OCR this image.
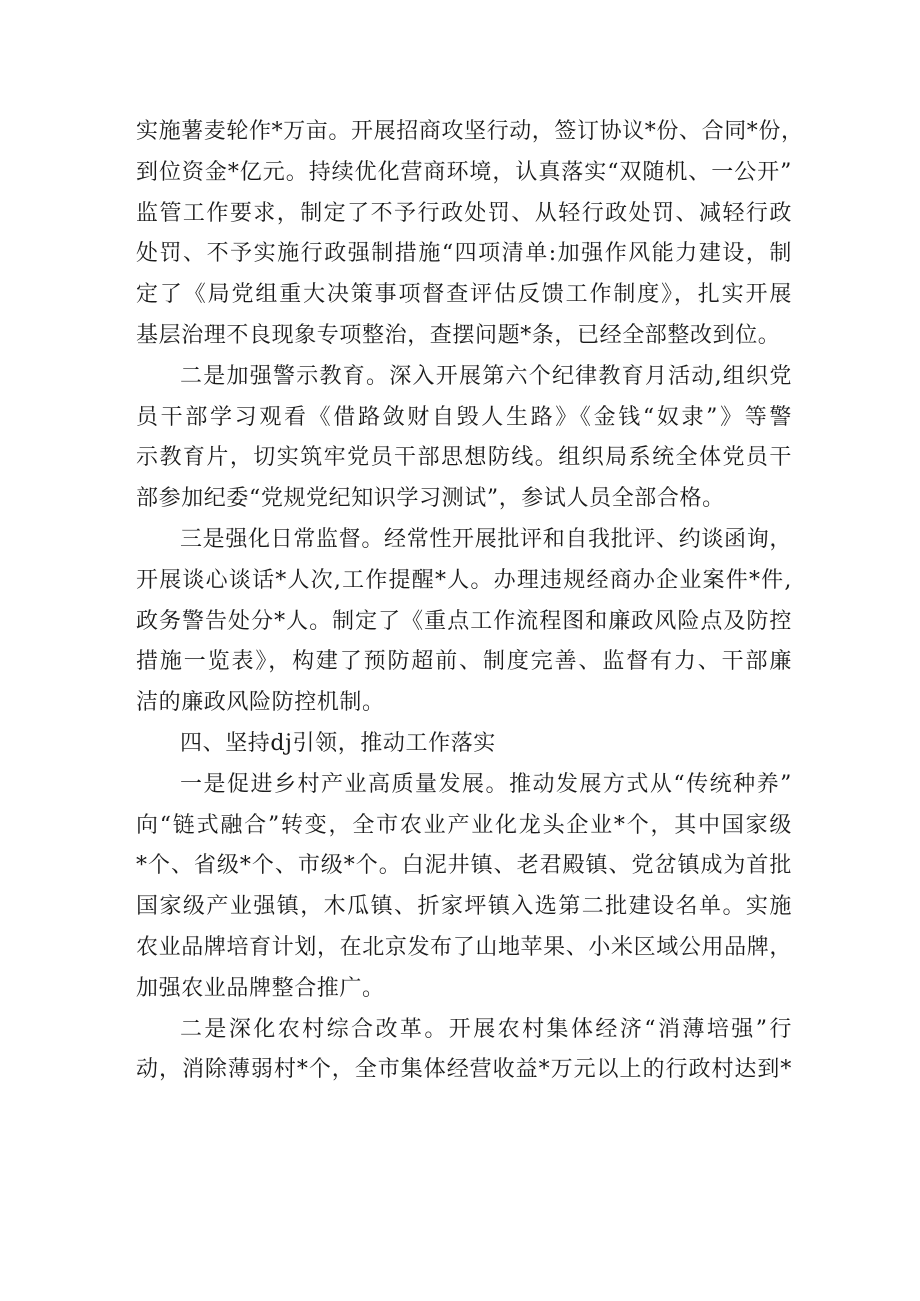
实施薯麦轮作*万亩。开展招商攻坚行动，签订协议*份、合同*份，
到位资金*亿元。持续优化营商环境，认真落实“双随机、一公开”
监管工作要求，制定了不予行政处罚、从轻行政处罚、减轻行政
处罚、不予实施行政强制措施“四项清单:加强作风能力建设，制
定了《局党组重大决策事项督查评估反馈工作制度》，扎实开展
基层治理不良现象专项整治，查摆问题*条，已经全部整改到位。

二是加强警示教育。深入开展第六个纪律教育月活动,组织党
员干部学习观看《借路敛财自毁人生路》《金钱“奴隶”》等警
示教育片，切实筑牢党员干部思想防线。组织局系统全体党员干
部参加纪委“党规党纪知识学习测试”，参试人员全部合格。

三是强化日常监督。经常性开展批评和自我批评、约谈函询，
开展谈心谈话*人次,工作提醒*人。办理违规经商办企业案件*件,
政务警告处分*人。制定了《重点工作流程图和廉政风险点及防控
措施一览表》，构建了预防超前、制度完善、监督有力、干部廉
洁的廉政风险防控机制。

四、坚持dj引领，推动工作落实

一是促进乡村产业高质量发展。推动发展方式从“传统种养”
向“链式融合”转变，全市农业产业化龙头企业*个，其中国家级
*个、省级*个、市级*个。白泥井镇、老君殿镇、党岔镇成为首批
国家级产业强镇，木瓜镇、折家坪镇入选第二批建设名单。实施
农业品牌培育计划，在北京发布了山地苹果、小米区域公用品牌，
加强农业品牌整合推广。

二是深化农村综合改革。开展农村集体经济“消薄培强”行
动，消除薄弱村*个，全市集体经营收益*万元以上的行政村达到*
